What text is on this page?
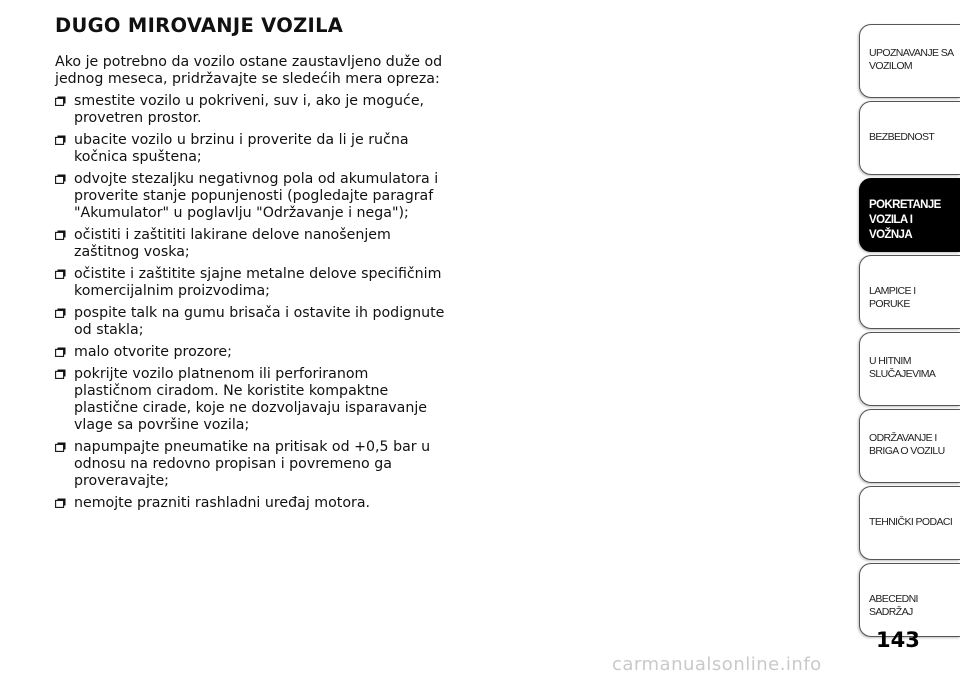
DUGO MIROVANJE VOZILA

Ako je potrebno da vozilo ostane zaustavljeno duže od jednog meseca, pridržavajte se sledećih mera opreza:

smestite vozilo u pokriveni, suv i, ako je moguće, provetren prostor.
ubacite vozilo u brzinu i proverite da li je ručna kočnica spuštena;
odvojte stezaljku negativnog pola od akumulatora i proverite stanje popunjenosti (pogledajte paragraf "Akumulator" u poglavlju "Održavanje i nega");
očistiti i zaštititi lakirane delove nanošenjem zaštitnog voska;
očistite i zaštitite sjajne metalne delove specifičnim komercijalnim proizvodima;
pospite talk na gumu brisača i ostavite ih podignute od stakla;
malo otvorite prozore;
pokrijte vozilo platnenom ili perforiranom plastičnom ciradom. Ne koristite kompaktne plastične cirade, koje ne dozvoljavaju isparavanje vlage sa površine vozila;
napumpajte pneumatike na pritisak od +0,5 bar u odnosu na redovno propisan i povremeno ga proveravajte;
nemojte prazniti rashladni uređaj motora.
UPOZNAVANJE SA
VOZILOM
BEZBEDNOST
POKRETANJE
VOZILA I VOŽNJA
LAMPICE I PORUKE
U HITNIM
SLUČAJEVIMA
ODRŽAVANJE I
BRIGA O VOZILU
TEHNIČKI PODACI
ABECEDNI SADRŽAJ
143
carmanualsonline.info
